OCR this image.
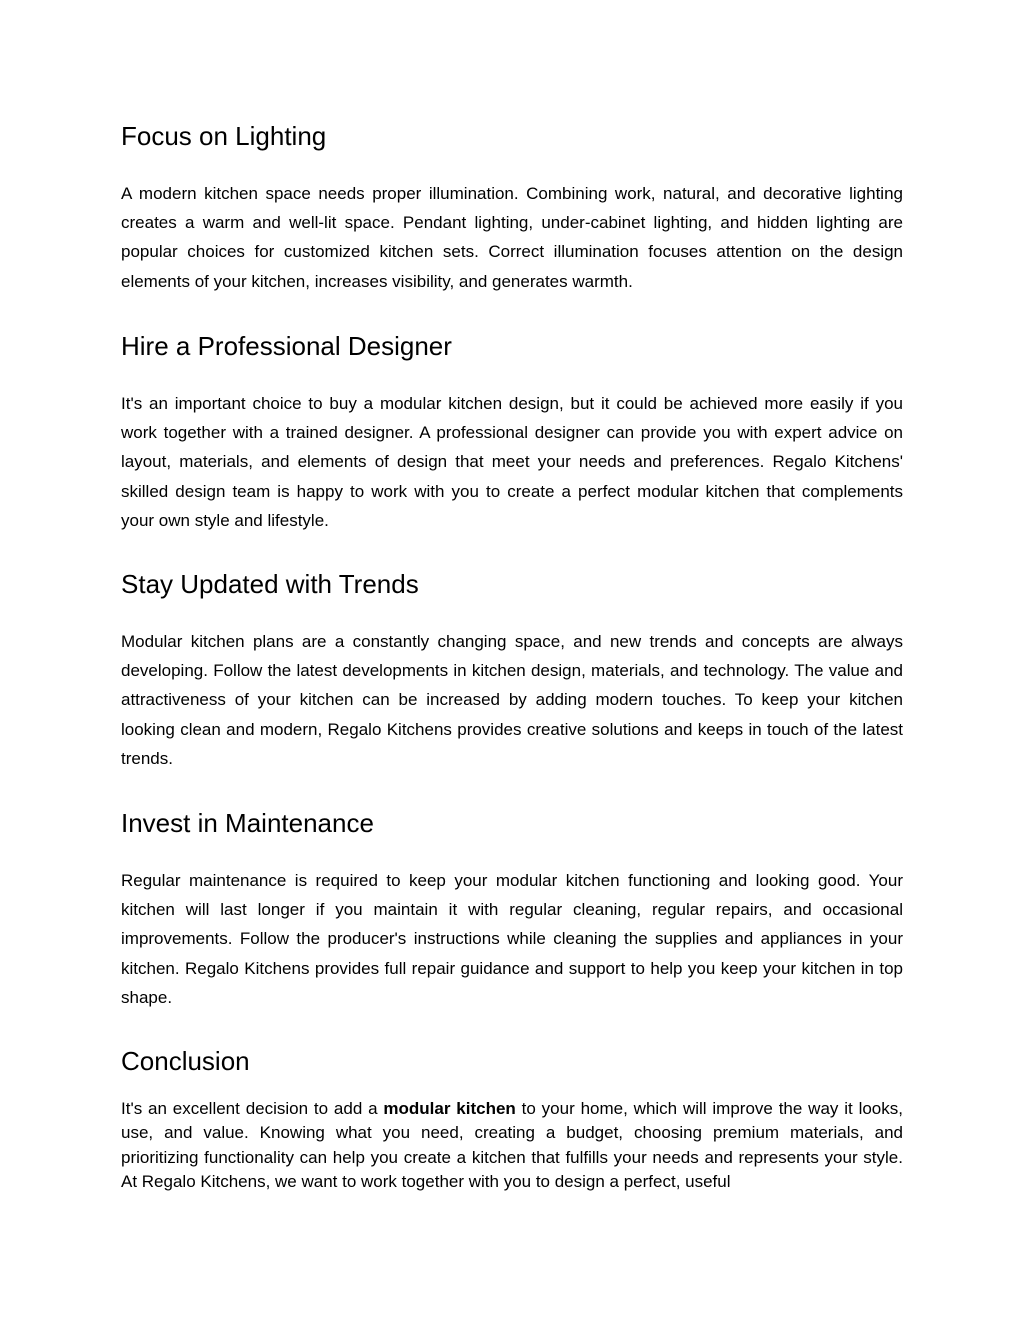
Focus on Lighting

A modern kitchen space needs proper illumination. Combining work, natural, and decorative lighting creates a warm and well-lit space. Pendant lighting, under-cabinet lighting, and hidden lighting are popular choices for customized kitchen sets. Correct illumination focuses attention on the design elements of your kitchen, increases visibility, and generates warmth.

Hire a Professional Designer

It's an important choice to buy a modular kitchen design, but it could be achieved more easily if you work together with a trained designer. A professional designer can provide you with expert advice on layout, materials, and elements of design that meet your needs and preferences. Regalo Kitchens' skilled design team is happy to work with you to create a perfect modular kitchen that complements your own style and lifestyle.

Stay Updated with Trends

Modular kitchen plans are a constantly changing space, and new trends and concepts are always developing. Follow the latest developments in kitchen design, materials, and technology. The value and attractiveness of your kitchen can be increased by adding modern touches. To keep your kitchen looking clean and modern, Regalo Kitchens provides creative solutions and keeps in touch of the latest trends.

Invest in Maintenance

Regular maintenance is required to keep your modular kitchen functioning and looking good. Your kitchen will last longer if you maintain it with regular cleaning, regular repairs, and occasional improvements. Follow the producer's instructions while cleaning the supplies and appliances in your kitchen. Regalo Kitchens provides full repair guidance and support to help you keep your kitchen in top shape.

Conclusion

It's an excellent decision to add a modular kitchen to your home, which will improve the way it looks, use, and value. Knowing what you need, creating a budget, choosing premium materials, and prioritizing functionality can help you create a kitchen that fulfills your needs and represents your style. At Regalo Kitchens, we want to work together with you to design a perfect, useful
